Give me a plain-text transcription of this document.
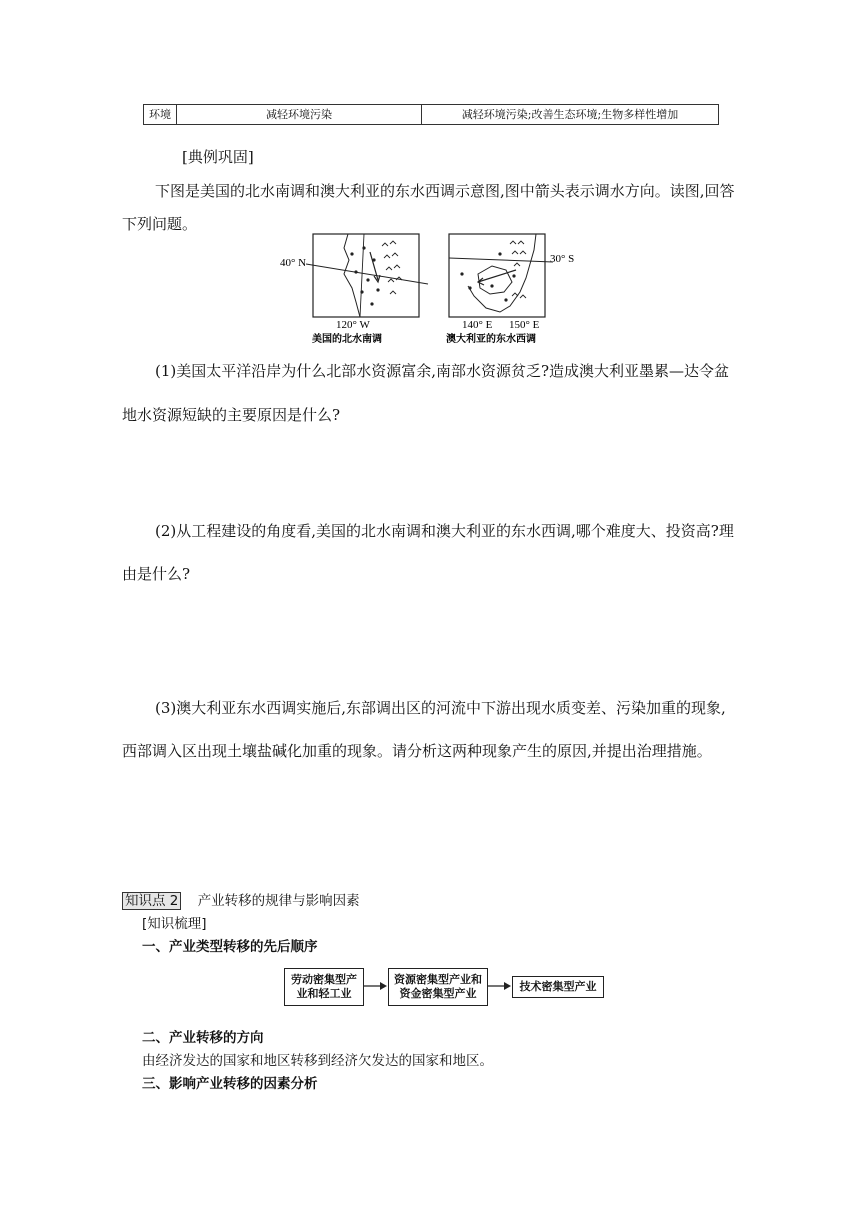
环境	减轻环境污染	减轻环境污染;改善生态环境;生物多样性增加
[典例巩固]
下图是美国的北水南调和澳大利亚的东水西调示意图,图中箭头表示调水方向。读图,回答
下列问题。
40° N
120° W
美国的北水南调
30° S
140° E 150° E
澳大利亚的东水西调
(1)美国太平洋沿岸为什么北部水资源富余,南部水资源贫乏?造成澳大利亚墨累—达令盆
地水资源短缺的主要原因是什么?
(2)从工程建设的角度看,美国的北水南调和澳大利亚的东水西调,哪个难度大、投资高?理
由是什么?
(3)澳大利亚东水西调实施后,东部调出区的河流中下游出现水质变差、污染加重的现象,
西部调入区出现土壤盐碱化加重的现象。请分析这两种现象产生的原因,并提出治理措施。
知识点 2 产业转移的规律与影响因素
[知识梳理]
一、产业类型转移的先后顺序
劳动密集型产
业和轻工业
资源密集型产业和
资金密集型产业
技术密集型产业
二、产业转移的方向
由经济发达的国家和地区转移到经济欠发达的国家和地区。
三、影响产业转移的因素分析
